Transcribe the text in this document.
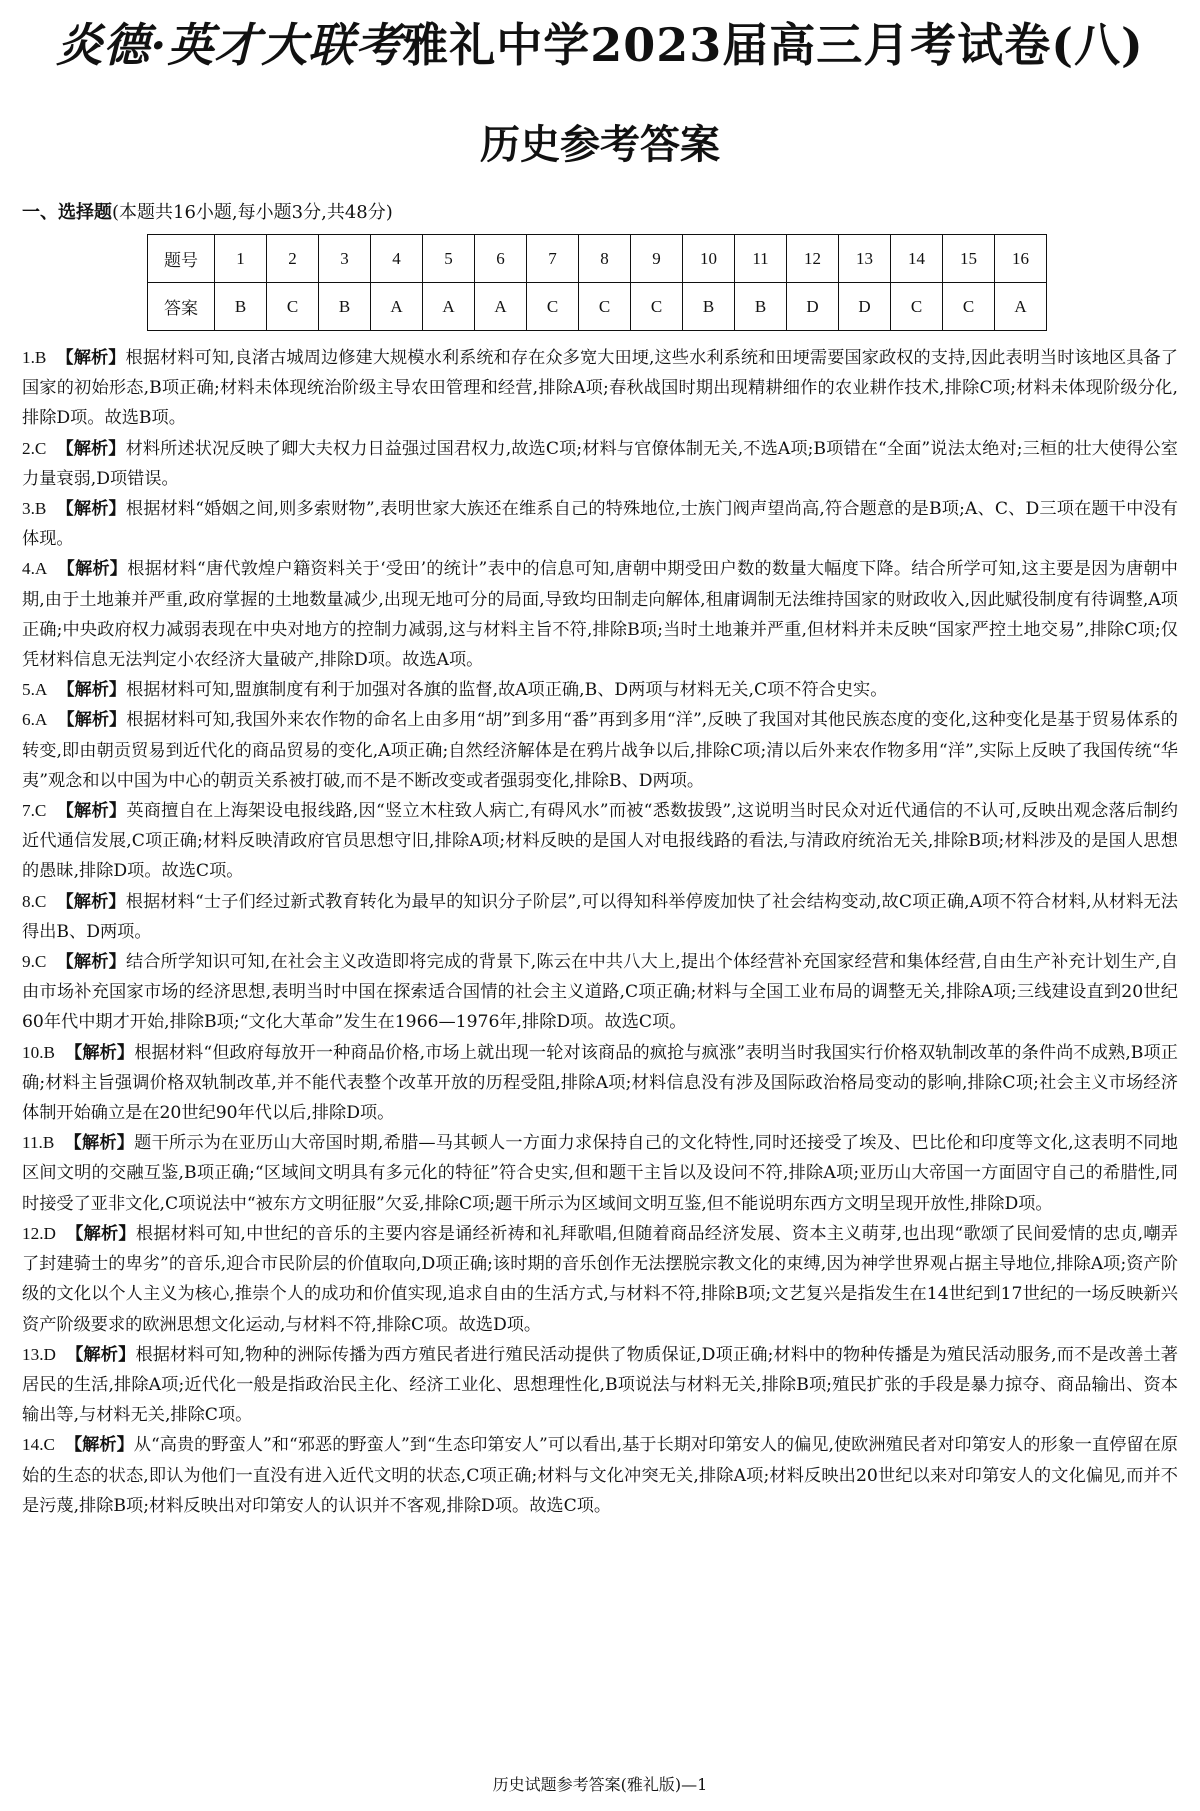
炎德·英才大联考雅礼中学2023届高三月考试卷(八)
历史参考答案
一、选择题(本题共16小题,每小题3分,共48分)
题号	1	2	3	4	5	6	7	8	9	10	11	12	13	14	15	16
答案	B	C	B	A	A	A	C	C	C	B	B	D	D	C	C	A

1.B 【解析】根据材料可知,良渚古城周边修建大规模水利系统和存在众多宽大田埂,这些水利系统和田埂需要国家政权的支持,因此表明当时该地区具备了国家的初始形态,B项正确;材料未体现统治阶级主导农田管理和经营,排除A项;春秋战国时期出现精耕细作的农业耕作技术,排除C项;材料未体现阶级分化,排除D项。故选B项。

2.C 【解析】材料所述状况反映了卿大夫权力日益强过国君权力,故选C项;材料与官僚体制无关,不选A项;B项错在“全面”说法太绝对;三桓的壮大使得公室力量衰弱,D项错误。

3.B 【解析】根据材料“婚姻之间,则多索财物”,表明世家大族还在维系自己的特殊地位,士族门阀声望尚高,符合题意的是B项;A、C、D三项在题干中没有体现。

4.A 【解析】根据材料“唐代敦煌户籍资料关于‘受田’的统计”表中的信息可知,唐朝中期受田户数的数量大幅度下降。结合所学可知,这主要是因为唐朝中期,由于土地兼并严重,政府掌握的土地数量减少,出现无地可分的局面,导致均田制走向解体,租庸调制无法维持国家的财政收入,因此赋役制度有待调整,A项正确;中央政府权力减弱表现在中央对地方的控制力减弱,这与材料主旨不符,排除B项;当时土地兼并严重,但材料并未反映“国家严控土地交易”,排除C项;仅凭材料信息无法判定小农经济大量破产,排除D项。故选A项。

5.A 【解析】根据材料可知,盟旗制度有利于加强对各旗的监督,故A项正确,B、D两项与材料无关,C项不符合史实。

6.A 【解析】根据材料可知,我国外来农作物的命名上由多用“胡”到多用“番”再到多用“洋”,反映了我国对其他民族态度的变化,这种变化是基于贸易体系的转变,即由朝贡贸易到近代化的商品贸易的变化,A项正确;自然经济解体是在鸦片战争以后,排除C项;清以后外来农作物多用“洋”,实际上反映了我国传统“华夷”观念和以中国为中心的朝贡关系被打破,而不是不断改变或者强弱变化,排除B、D两项。

7.C 【解析】英商擅自在上海架设电报线路,因“竖立木柱致人病亡,有碍风水”而被“悉数拔毁”,这说明当时民众对近代通信的不认可,反映出观念落后制约近代通信发展,C项正确;材料反映清政府官员思想守旧,排除A项;材料反映的是国人对电报线路的看法,与清政府统治无关,排除B项;材料涉及的是国人思想的愚昧,排除D项。故选C项。

8.C 【解析】根据材料“士子们经过新式教育转化为最早的知识分子阶层”,可以得知科举停废加快了社会结构变动,故C项正确,A项不符合材料,从材料无法得出B、D两项。

9.C 【解析】结合所学知识可知,在社会主义改造即将完成的背景下,陈云在中共八大上,提出个体经营补充国家经营和集体经营,自由生产补充计划生产,自由市场补充国家市场的经济思想,表明当时中国在探索适合国情的社会主义道路,C项正确;材料与全国工业布局的调整无关,排除A项;三线建设直到20世纪60年代中期才开始,排除B项;“文化大革命”发生在1966—1976年,排除D项。故选C项。

10.B 【解析】根据材料“但政府每放开一种商品价格,市场上就出现一轮对该商品的疯抢与疯涨”表明当时我国实行价格双轨制改革的条件尚不成熟,B项正确;材料主旨强调价格双轨制改革,并不能代表整个改革开放的历程受阻,排除A项;材料信息没有涉及国际政治格局变动的影响,排除C项;社会主义市场经济体制开始确立是在20世纪90年代以后,排除D项。

11.B 【解析】题干所示为在亚历山大帝国时期,希腊—马其顿人一方面力求保持自己的文化特性,同时还接受了埃及、巴比伦和印度等文化,这表明不同地区间文明的交融互鉴,B项正确;“区域间文明具有多元化的特征”符合史实,但和题干主旨以及设问不符,排除A项;亚历山大帝国一方面固守自己的希腊性,同时接受了亚非文化,C项说法中“被东方文明征服”欠妥,排除C项;题干所示为区域间文明互鉴,但不能说明东西方文明呈现开放性,排除D项。

12.D 【解析】根据材料可知,中世纪的音乐的主要内容是诵经祈祷和礼拜歌唱,但随着商品经济发展、资本主义萌芽,也出现“歌颂了民间爱情的忠贞,嘲弄了封建骑士的卑劣”的音乐,迎合市民阶层的价值取向,D项正确;该时期的音乐创作无法摆脱宗教文化的束缚,因为神学世界观占据主导地位,排除A项;资产阶级的文化以个人主义为核心,推崇个人的成功和价值实现,追求自由的生活方式,与材料不符,排除B项;文艺复兴是指发生在14世纪到17世纪的一场反映新兴资产阶级要求的欧洲思想文化运动,与材料不符,排除C项。故选D项。

13.D 【解析】根据材料可知,物种的洲际传播为西方殖民者进行殖民活动提供了物质保证,D项正确;材料中的物种传播是为殖民活动服务,而不是改善土著居民的生活,排除A项;近代化一般是指政治民主化、经济工业化、思想理性化,B项说法与材料无关,排除B项;殖民扩张的手段是暴力掠夺、商品输出、资本输出等,与材料无关,排除C项。

14.C 【解析】从“高贵的野蛮人”和“邪恶的野蛮人”到“生态印第安人”可以看出,基于长期对印第安人的偏见,使欧洲殖民者对印第安人的形象一直停留在原始的生态的状态,即认为他们一直没有进入近代文明的状态,C项正确;材料与文化冲突无关,排除A项;材料反映出20世纪以来对印第安人的文化偏见,而并不是污蔑,排除B项;材料反映出对印第安人的认识并不客观,排除D项。故选C项。

历史试题参考答案(雅礼版)—1
